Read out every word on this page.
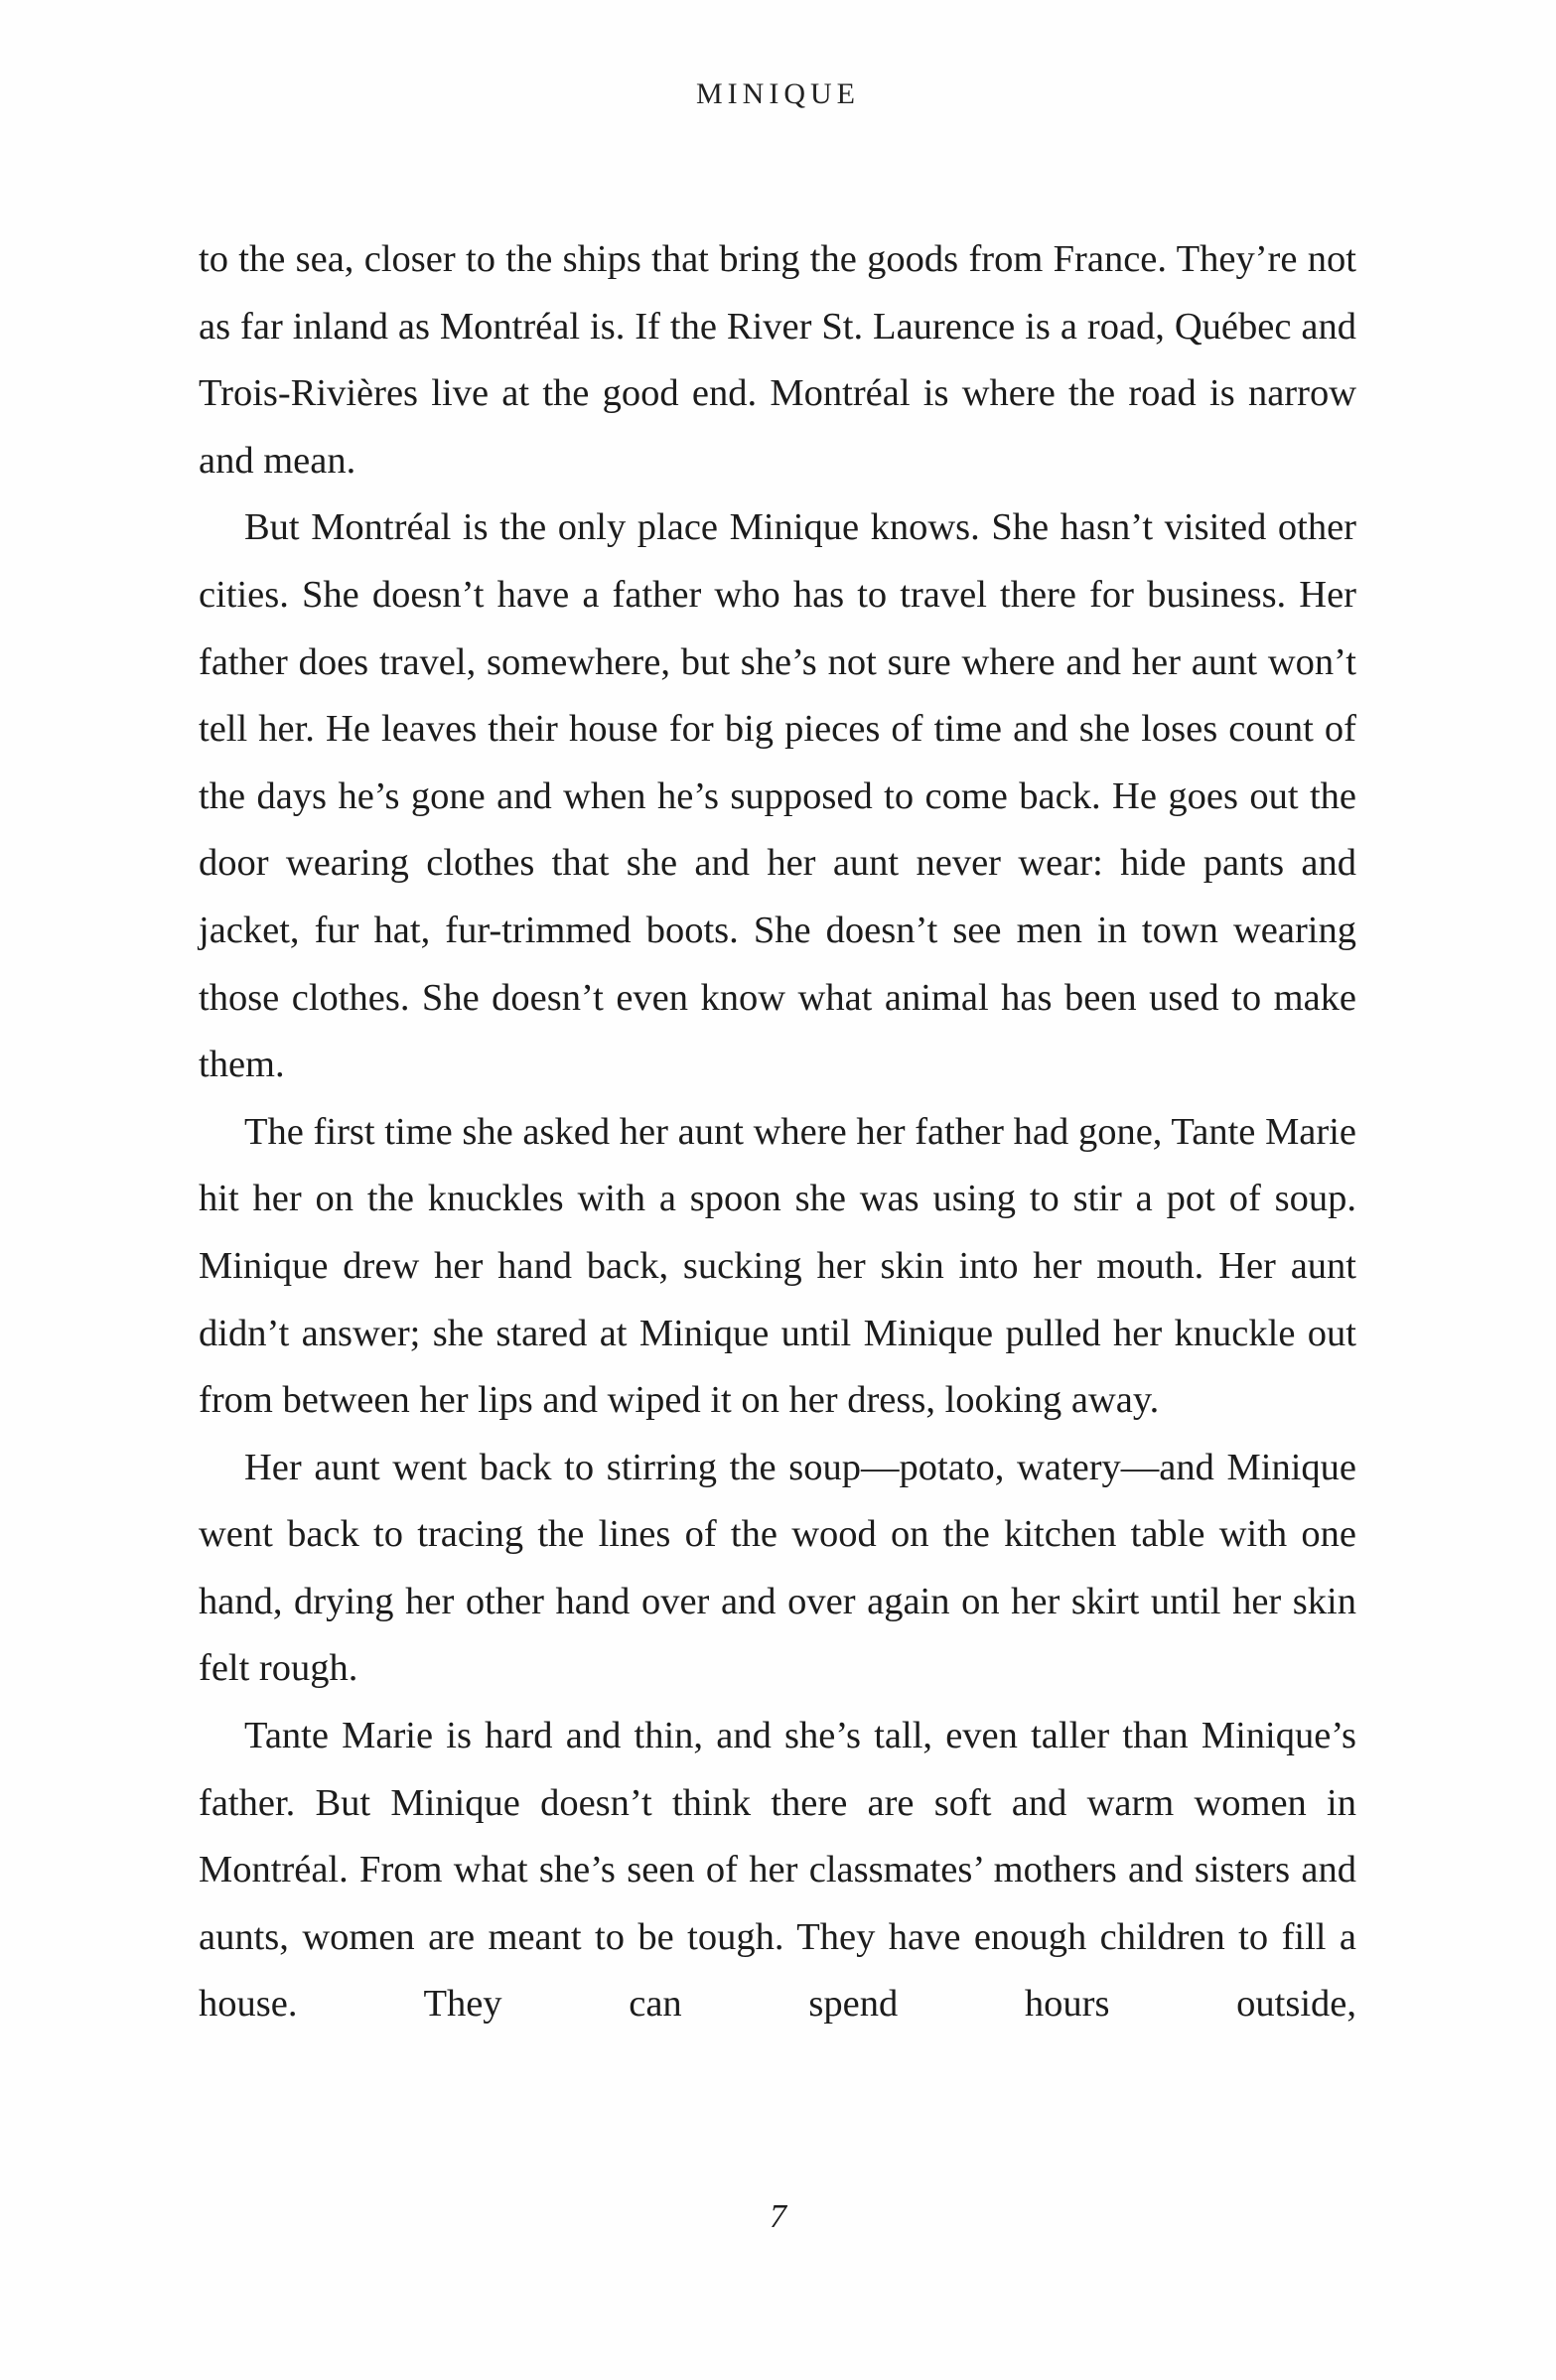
MINIQUE

to the sea, closer to the ships that bring the goods from France. They’re not as far inland as Montréal is. If the River St. Laurence is a road, Québec and Trois-Rivières live at the good end. Montréal is where the road is narrow and mean.

But Montréal is the only place Minique knows. She hasn’t visited other cities. She doesn’t have a father who has to travel there for business. Her father does travel, somewhere, but she’s not sure where and her aunt won’t tell her. He leaves their house for big pieces of time and she loses count of the days he’s gone and when he’s supposed to come back. He goes out the door wearing clothes that she and her aunt never wear: hide pants and jacket, fur hat, fur-trimmed boots. She doesn’t see men in town wearing those clothes. She doesn’t even know what animal has been used to make them.

The first time she asked her aunt where her father had gone, Tante Marie hit her on the knuckles with a spoon she was using to stir a pot of soup. Minique drew her hand back, sucking her skin into her mouth. Her aunt didn’t answer; she stared at Minique until Minique pulled her knuckle out from between her lips and wiped it on her dress, looking away.

Her aunt went back to stirring the soup—potato, watery—and Minique went back to tracing the lines of the wood on the kitchen table with one hand, drying her other hand over and over again on her skirt until her skin felt rough.

Tante Marie is hard and thin, and she’s tall, even taller than Minique’s father. But Minique doesn’t think there are soft and warm women in Montréal. From what she’s seen of her classmates’ mothers and sisters and aunts, women are meant to be tough. They have enough children to fill a house. They can spend hours outside,

7
